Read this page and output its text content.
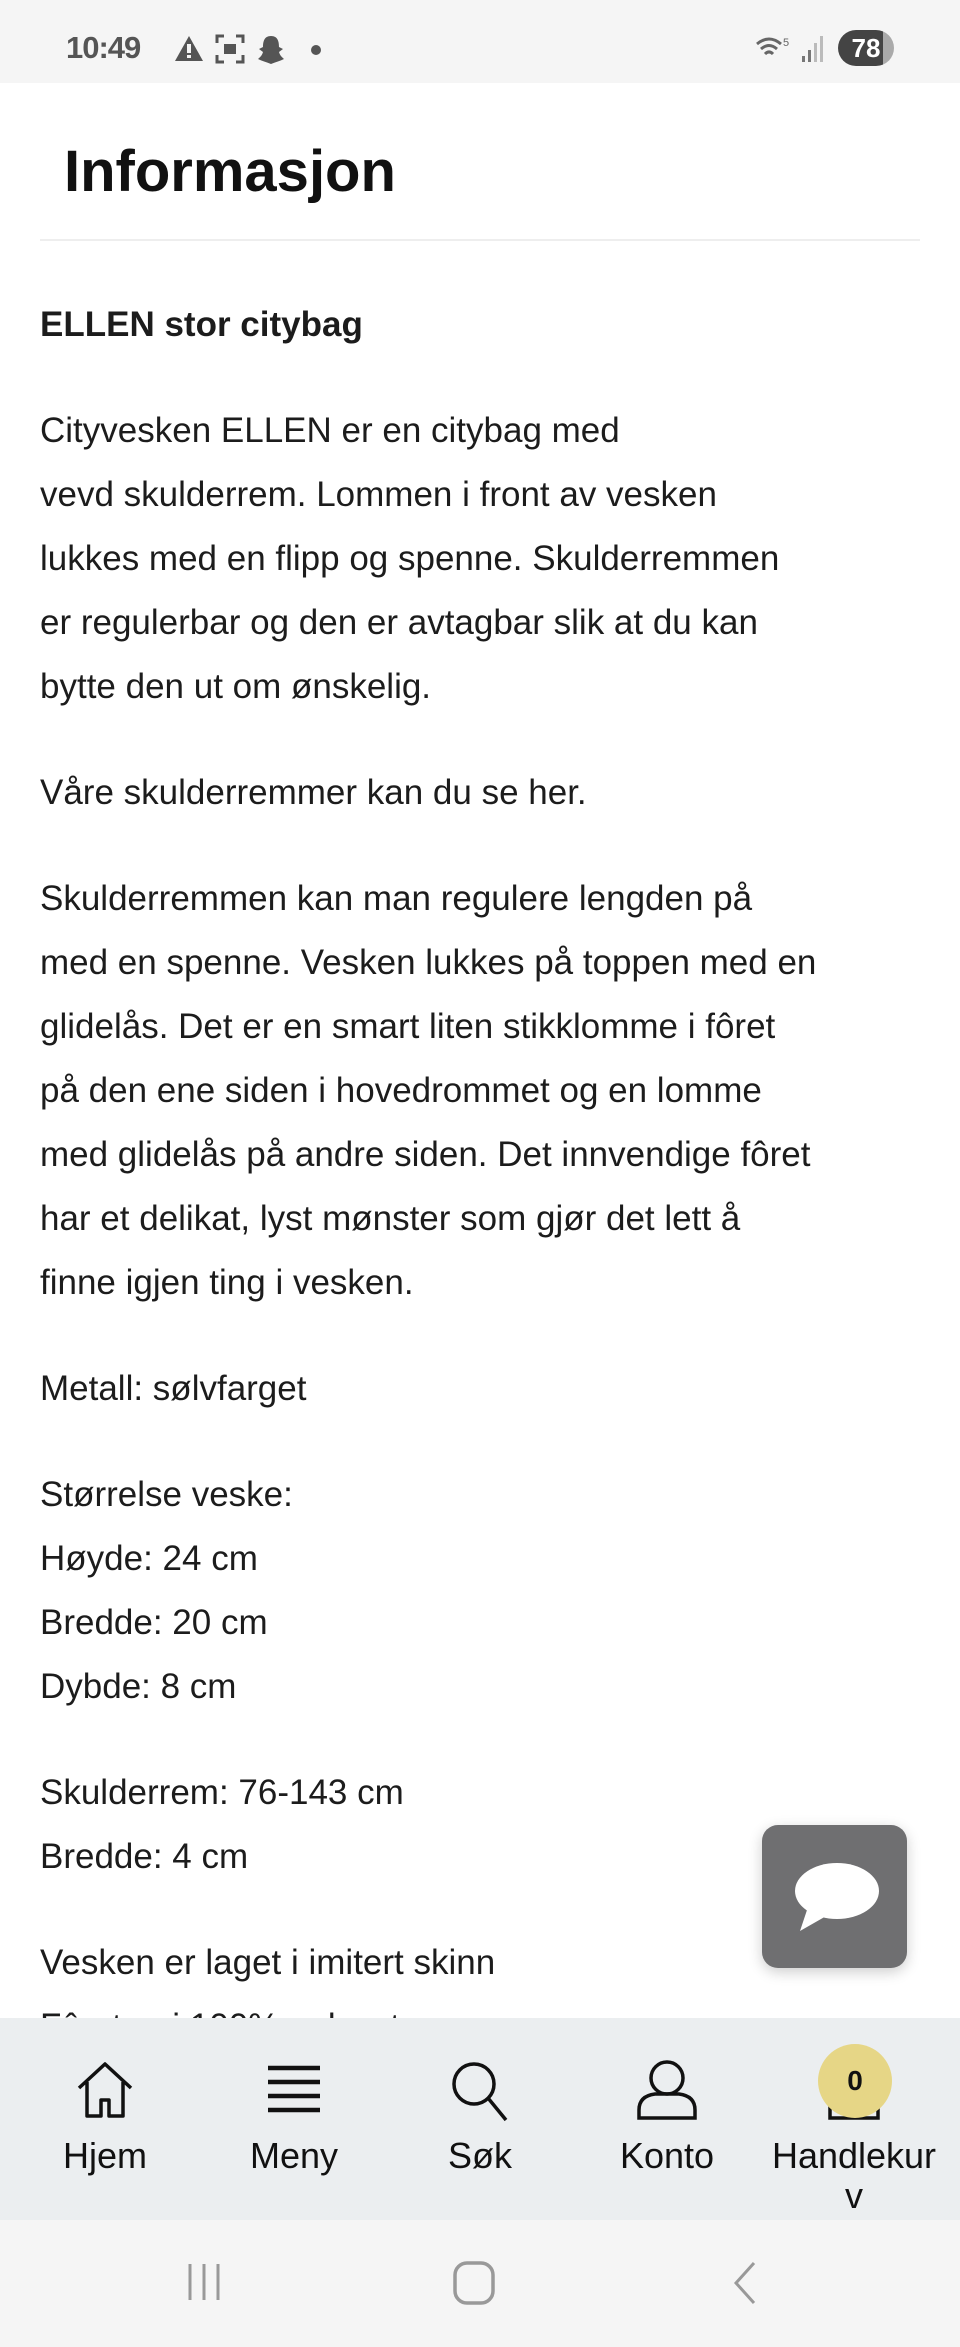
10:49	5	78
Informasjon
ELLEN stor citybag
Cityvesken ELLEN er en citybag med
vevd skulderrem. Lommen i front av vesken
lukkes med en flipp og spenne. Skulderremmen
er regulerbar og den er avtagbar slik at du kan
bytte den ut om ønskelig.
Våre skulderremmer kan du se her.
Skulderremmen kan man regulere lengden på
med en spenne. Vesken lukkes på toppen med en
glidelås. Det er en smart liten stikklomme i fôret
på den ene siden i hovedrommet og en lomme
med glidelås på andre siden. Det innvendige fôret
har et delikat, lyst mønster som gjør det lett å
finne igjen ting i vesken.
Metall: sølvfarget
Størrelse veske:
Høyde: 24 cm
Bredde: 20 cm
Dybde: 8 cm
Skulderrem: 76-143 cm
Bredde: 4 cm
Vesken er laget i imitert skinn
Hjem	Meny	Søk	Konto	Handlekurv
0
